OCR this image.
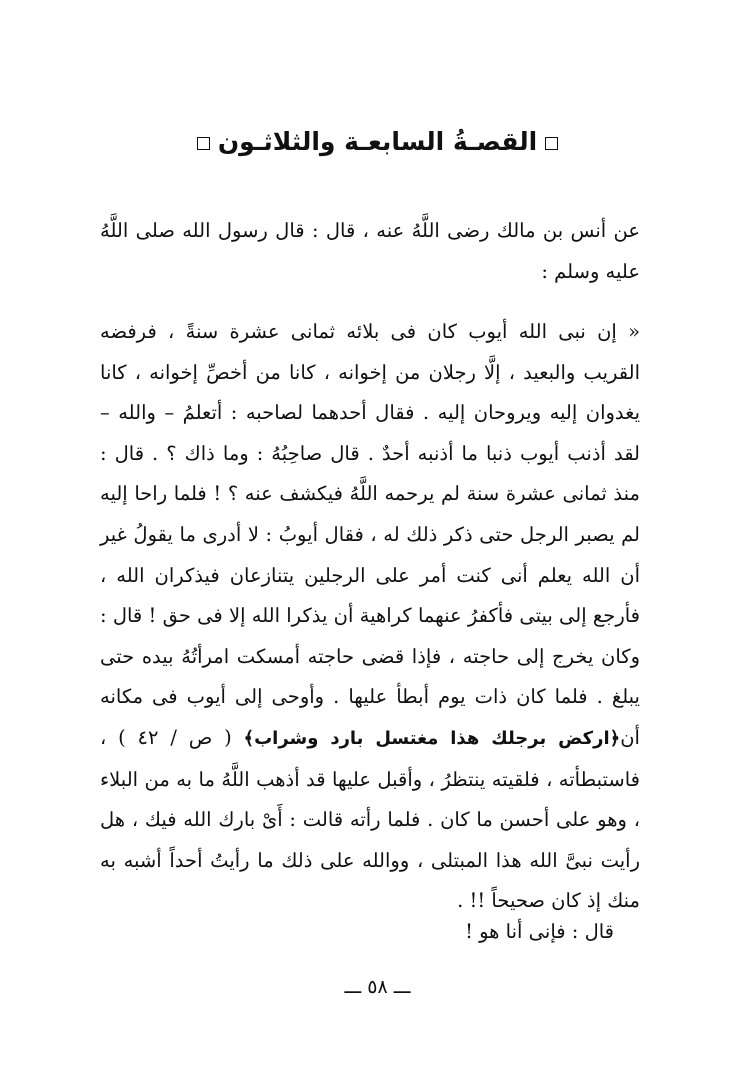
القصـةُ السابعـة والثلاثـون
عن أنس بن مالك رضى اللَّهُ عنه ، قال : قال رسول الله صلى اللَّهُ عليه وسلم :
« إن نبى الله أيوب كان فى بلائه ثمانى عشرة سنةً ، فرفضه القريب والبعيد ، إلَّا رجلان من إخوانه ، كانا من أخصِّ إخوانه ، كانا يغدوان إليه ويروحان إليه . فقال أحدهما لصاحبه : أتعلمُ – والله – لقد أذنب أيوب ذنبا ما أذنبه أحدٌ . قال صاحِبُهُ : وما ذاك ؟ . قال : منذ ثمانى عشرة سنة لم يرحمه اللَّهُ فيكشف عنه ؟ ! فلما راحا إليه لم يصبر الرجل حتى ذكر ذلك له ، فقال أيوبُ : لا أدرى ما يقولُ غير أن الله يعلم أنى كنت أمر على الرجلين يتنازعان فيذكران الله ، فأرجع إلى بيتى فأكفرُ عنهما كراهية أن يذكرا الله إلا فى حق ! قال : وكان يخرج إلى حاجته ، فإذا قضى حاجته أمسكت امرأتُهُ بيده حتى يبلغ . فلما كان ذات يوم أبطأ عليها . وأوحى إلى أيوب فى مكانه أن﴿اركض برجلك هذا مغتسل بارد وشراب﴾ ( ص / ٤٢ ) ، فاستبطأته ، فلقيته ينتظرُ ، وأقبل عليها قد أذهب اللَّهُ ما به من البلاء ، وهو على أحسن ما كان . فلما رأته قالت : أَىْ بارك الله فيك ، هل رأيت نبىَّ الله هذا المبتلى ، ووالله على ذلك ما رأيتُ أحداً أشبه به منك إذ كان صحيحاً !! .
قال : فإنى أنا هو !
ـــ ٥٨ ـــ
